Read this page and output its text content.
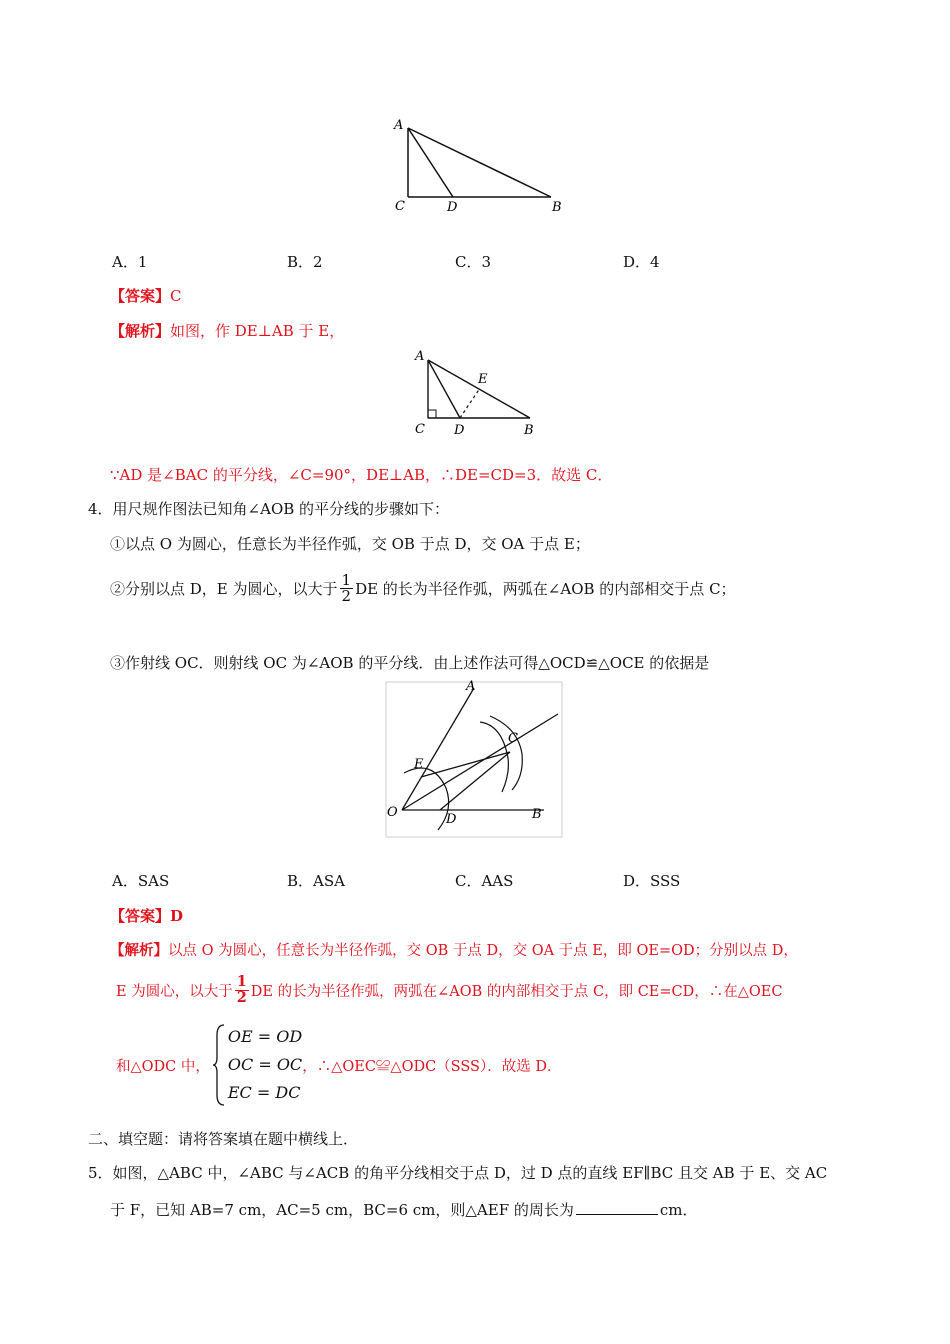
A
C	D	B
A．1	B．2	C．3	D．4
【答案】C
【解析】如图，作 DE⊥AB 于 E，
A
E
C D	B
∵AD 是∠BAC 的平分线，∠C=90°，DE⊥AB，∴DE=CD=3．故选 C．
4．用尺规作图法已知角∠AOB 的平分线的步骤如下：
①以点 O 为圆心，任意长为半径作弧，交 OB 于点 D，交 OA 于点 E；
②分别以点 D，E 为圆心，以大于 $\frac{1}{2}$ DE 的长为半径作弧，两弧在∠AOB 的内部相交于点 C；
③作射线 OC．则射线 OC 为∠AOB 的平分线．由上述作法可得△OCD≌△OCE 的依据是
A
C
E
O	D	B
A．SAS	B．ASA	C．AAS	D．SSS
【答案】D
【解析】以点 O 为圆心，任意长为半径作弧，交 OB 于点 D，交 OA 于点 E，即 OE=OD；分别以点 D，
E 为圆心，以大于 $\frac{1}{2}$ DE 的长为半径作弧，两弧在∠AOB 的内部相交于点 C，即 CE=CD，∴在△OEC
和△ODC 中，
OE = OD
OC = OC
EC = DC
，∴△OEC≌△ODC（SSS）．故选 D．
二、填空题：请将答案填在题中横线上．
5．如图，△ABC 中，∠ABC 与∠ACB 的角平分线相交于点 D，过 D 点的直线 EF∥BC 且交 AB 于 E、交 AC
于 F，已知 AB=7 cm，AC=5 cm，BC=6 cm，则△AEF 的周长为	cm．
